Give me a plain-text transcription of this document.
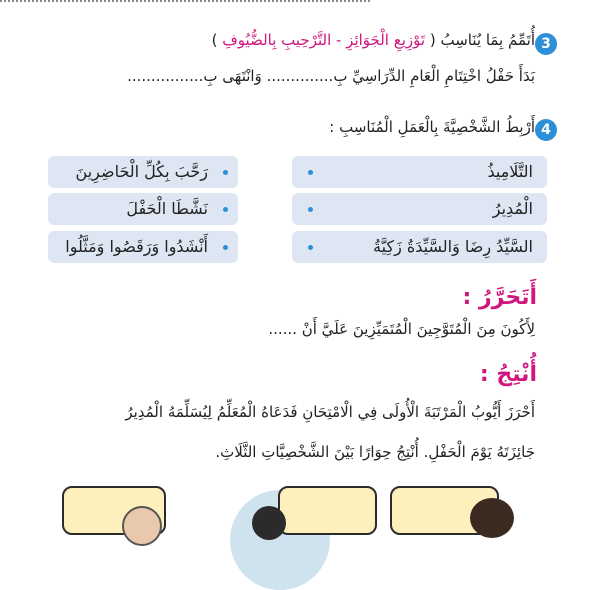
3
أُتَمِّمُ بِمَا يُنَاسِبُ ( تَوْزِيعِ الْجَوَائِزِ - التَّرْحِيبِ بِالضُّيُوفِ )
بَدَأَ حَفْلُ اخْتِتَامِ الْعَامِ الدِّرَاسِيِّ بِ.............. وَانْتَهَى بِ................
4
أَرْبِطُ الشَّخْصِيَّةَ بِالْعَمَلِ الْمُنَاسِبِ :
التَّلَامِيذُ
الْمُدِيرُ
السَّيِّدُ رِضَا وَالسَّيِّدَةُ زَكِيَّةُ
رَحَّبَ بِكُلِّ الْحَاضِرِينَ
نَشَّطَا الْحَفْلَ
أَنْشَدُوا وَرَقَصُوا وَمَثَّلُوا
أَتَحَرَّرُ :
لِأَكُونَ مِنَ الْمُتَوَّجِينَ الْمُتَمَيِّزِينَ عَلَيَّ أَنْ ......
أُنْتِجُ :
أَحْرَزَ أَيُّوبُ الْمَرْتَبَةَ الْأُولَى فِي الْامْتِحَانِ فَدَعَاهُ الْمُعَلِّمُ لِيُسَلِّمَهُ الْمُدِيرُ
جَائِزَتَهُ يَوْمَ الْحَفْلِ. أُنْتِجُ حِوَارًا بَيْنَ الشَّخْصِيَّاتِ الثَّلَاثِ.
